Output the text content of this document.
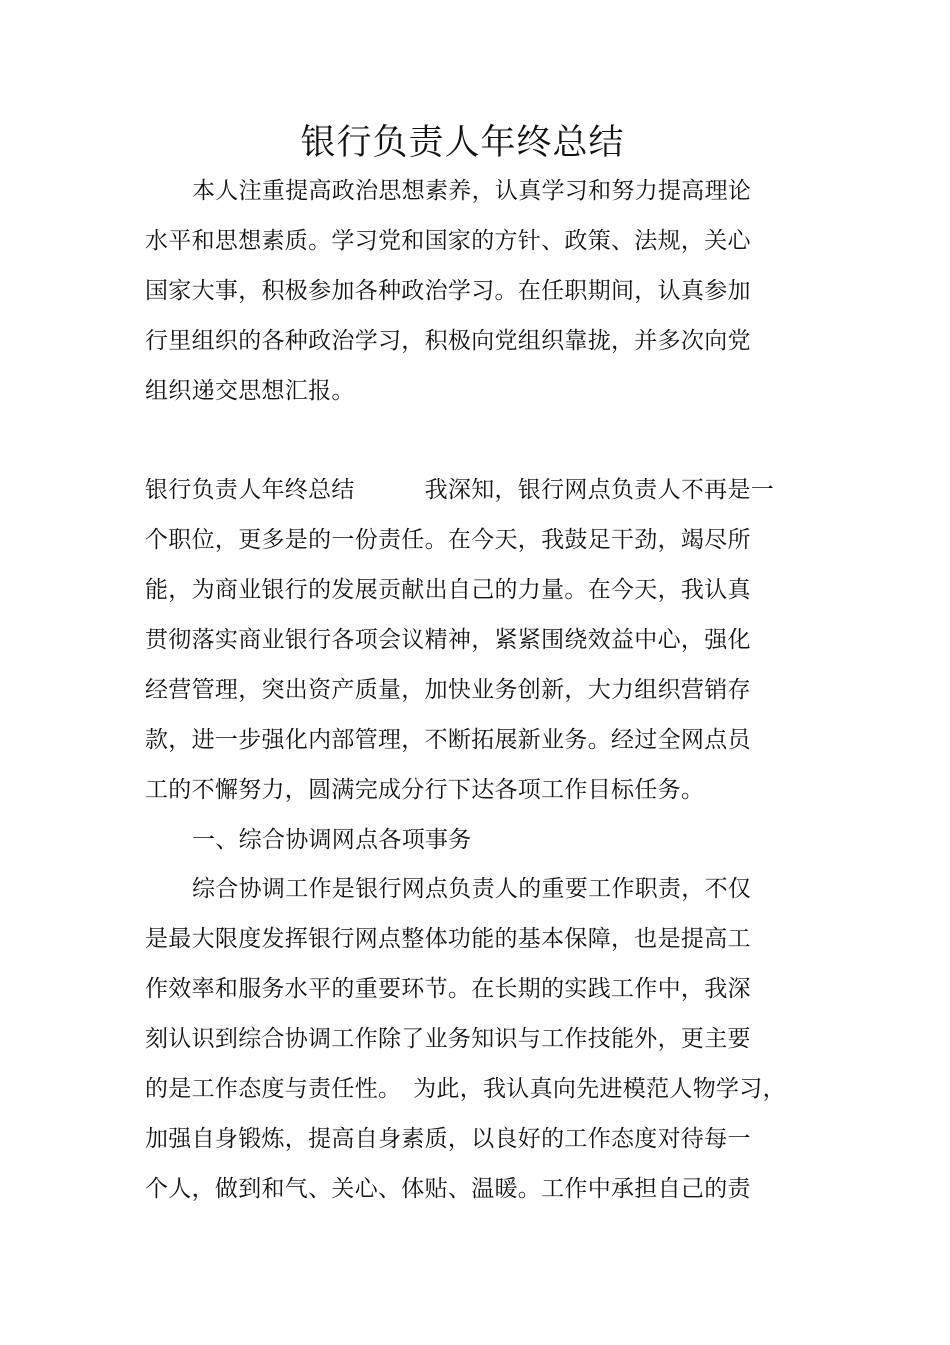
银行负责人年终总结
本人注重提高政治思想素养，认真学习和努力提高理论
水平和思想素质。学习党和国家的方针、政策、法规，关心
国家大事，积极参加各种政治学习。在任职期间，认真参加
行里组织的各种政治学习，积极向党组织靠拢，并多次向党
组织递交思想汇报。
银行负责人年终总结　　　我深知，银行网点负责人不再是一
个职位，更多是的一份责任。在今天，我鼓足干劲，竭尽所
能，为商业银行的发展贡献出自己的力量。在今天，我认真
贯彻落实商业银行各项会议精神，紧紧围绕效益中心，强化
经营管理，突出资产质量，加快业务创新，大力组织营销存
款，进一步强化内部管理，不断拓展新业务。经过全网点员
工的不懈努力，圆满完成分行下达各项工作目标任务。
一、综合协调网点各项事务
综合协调工作是银行网点负责人的重要工作职责，不仅
是最大限度发挥银行网点整体功能的基本保障，也是提高工
作效率和服务水平的重要环节。在长期的实践工作中，我深
刻认识到综合协调工作除了业务知识与工作技能外，更主要
的是工作态度与责任性。　为此，我认真向先进模范人物学习，
加强自身锻炼，提高自身素质，以良好的工作态度对待每一
个人，做到和气、关心、体贴、温暖。工作中承担自己的责
